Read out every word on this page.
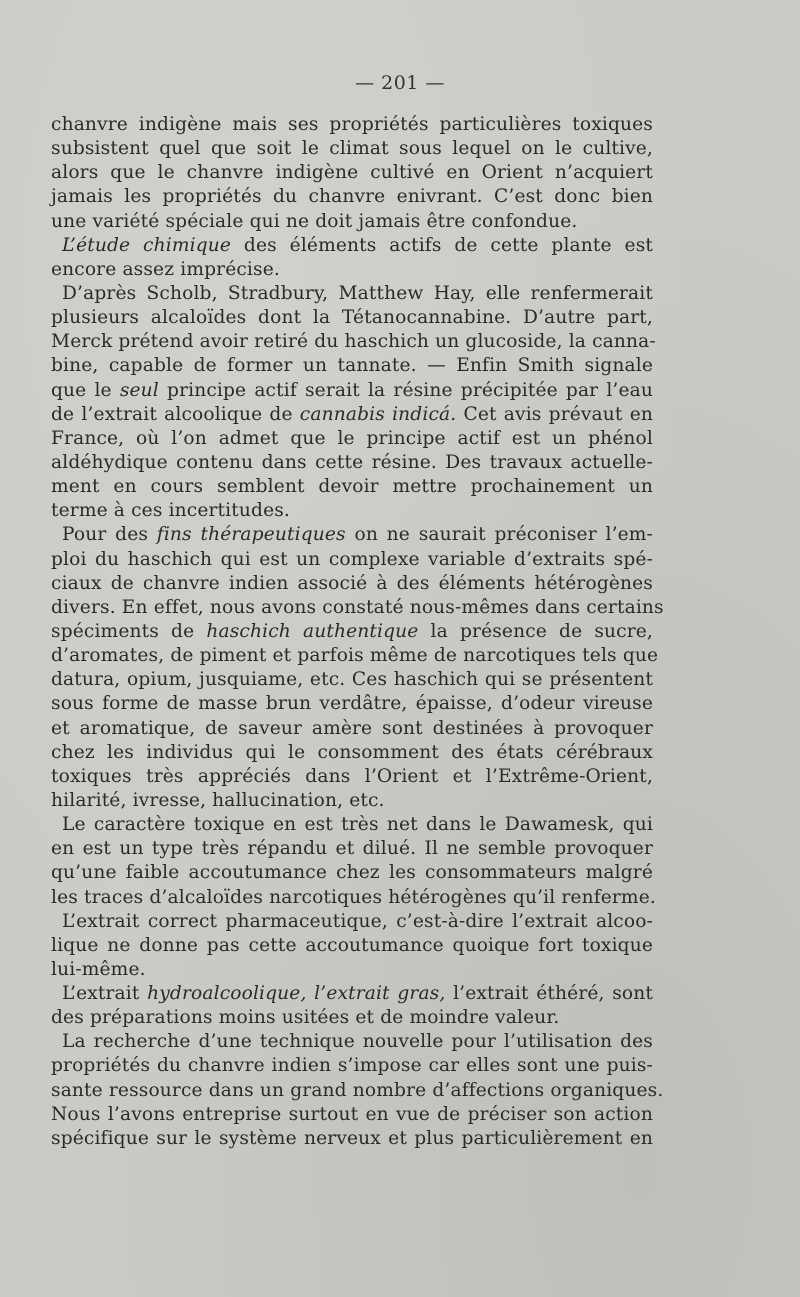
— 201 —
chanvre indigène mais ses propriétés particulières toxiques
subsistent quel que soit le climat sous lequel on le cultive,
alors que le chanvre indigène cultivé en Orient n’acquiert
jamais les propriétés du chanvre enivrant. C’est donc bien
une variété spéciale qui ne doit jamais être confondue.
L’étude chimique des éléments actifs de cette plante est
encore assez imprécise.
D’après Scholb, Stradbury, Matthew Hay, elle renfermerait
plusieurs alcaloïdes dont la Tétanocannabine. D’autre part,
Merck prétend avoir retiré du haschich un glucoside, la canna-
bine, capable de former un tannate. — Enfin Smith signale
que le seul principe actif serait la résine précipitée par l’eau
de l’extrait alcoolique de cannabis indicá. Cet avis prévaut en
France, où l’on admet que le principe actif est un phénol
aldéhydique contenu dans cette résine. Des travaux actuelle-
ment en cours semblent devoir mettre prochainement un
terme à ces incertitudes.
Pour des fins thérapeutiques on ne saurait préconiser l’em-
ploi du haschich qui est un complexe variable d’extraits spé-
ciaux de chanvre indien associé à des éléments hétérogènes
divers. En effet, nous avons constaté nous-mêmes dans certains
spéciments de haschich authentique la présence de sucre,
d’aromates, de piment et parfois même de narcotiques tels que
datura, opium, jusquiame, etc. Ces haschich qui se présentent
sous forme de masse brun verdâtre, épaisse, d’odeur vireuse
et aromatique, de saveur amère sont destinées à provoquer
chez les individus qui le consomment des états cérébraux
toxiques très appréciés dans l’Orient et l’Extrême-Orient,
hilarité, ivresse, hallucination, etc.
Le caractère toxique en est très net dans le Dawamesk, qui
en est un type très répandu et dilué. Il ne semble provoquer
qu’une faible accoutumance chez les consommateurs malgré
les traces d’alcaloïdes narcotiques hétérogènes qu’il renferme.
L’extrait correct pharmaceutique, c’est-à-dire l’extrait alcoo-
lique ne donne pas cette accoutumance quoique fort toxique
lui-même.
L’extrait hydroalcoolique, l’extrait gras, l’extrait éthéré, sont
des préparations moins usitées et de moindre valeur.
La recherche d’une technique nouvelle pour l’utilisation des
propriétés du chanvre indien s’impose car elles sont une puis-
sante ressource dans un grand nombre d’affections organiques.
Nous l’avons entreprise surtout en vue de préciser son action
spécifique sur le système nerveux et plus particulièrement en
